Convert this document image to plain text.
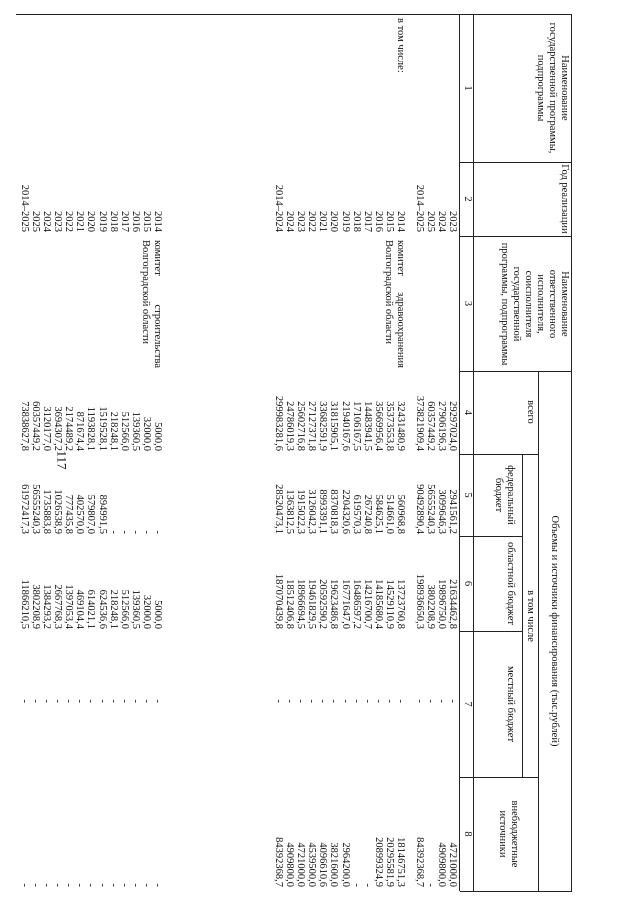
117
Наименование государственной программы, подпрограммы
Год реализации
Наименование ответственного исполнителя, соисполнителя государственной программы, подпрограммы
Объемы и источники финансирования (тыс.рублей)
всего
в том числе
федеральный бюджет
областной бюджет
местный бюджет
внебюджетные источники
1
2
3
4
5
6
7
8
2023
2024
2025
2014–2025
29297024,0
27906196,3
60357449,2
373821909,4
2941561,2
3099646,3
56555240,3
90492890,4
21634462,8
19896750,0
3802208,9
198936650,3
-
-
-
-
4721000,0
4909800,0
-
84392368,7
в том числе:
комитет здравоохранения Волгоградской области
2014
2015
2016
2017
2018
2019
2020
2021
2022
2023
2024
2014–2024
32431480,9
35373553,8
35669956,4
14483941,5
17106167,5
21940167,6
31815905,1
33682591,9
27127371,8
25602716,8
24786019,3
299983281,6
560968,8
514661,0
584625,1
267240,8
619570,3
2204320,6
8370818,3
8993391,1
3126042,3
1915022,3
1363812,5
28520473,1
13723760,8
14529110,9
14185680,4
14216700,7
16486597,2
16771647,0
19623486,8
20592590,2
19461829,5
18966694,5
18512406,8
187070439,8
-
-
-
-
-
-
-
-
-
-
-
-
18146751,3
20295581,9
20899324,9
-
-
2964200,0
3821600,0
4096610,6
4539500,0
4721000,0
4909800,0
84392368,7
комитет строительства Волгоградской области
2014
2015
2016
2017
2018
2019
2020
2021
2022
2023
2024
2025
2014–2025
5000,0
32000,0
139360,5
512566,0
218248,1
1519528,1
1193828,1
871674,4
2174489,2
3694307,2
3120177,0
60357449,2
73838627,8
-
-
-
-
-
894991,5
579807,0
402570,0
777435,8
1026538,9
1735883,8
56555240,3
61972417,3
5000,0
32000,0
139360,5
512566,0
218248,1
624536,6
614021,1
469104,4
1397053,4
2667768,3
1384293,2
3802208,9
11866210,5
-
-
-
-
-
-
-
-
-
-
-
-
-
-
-
-
-
-
-
-
-
-
-
-
-
-
